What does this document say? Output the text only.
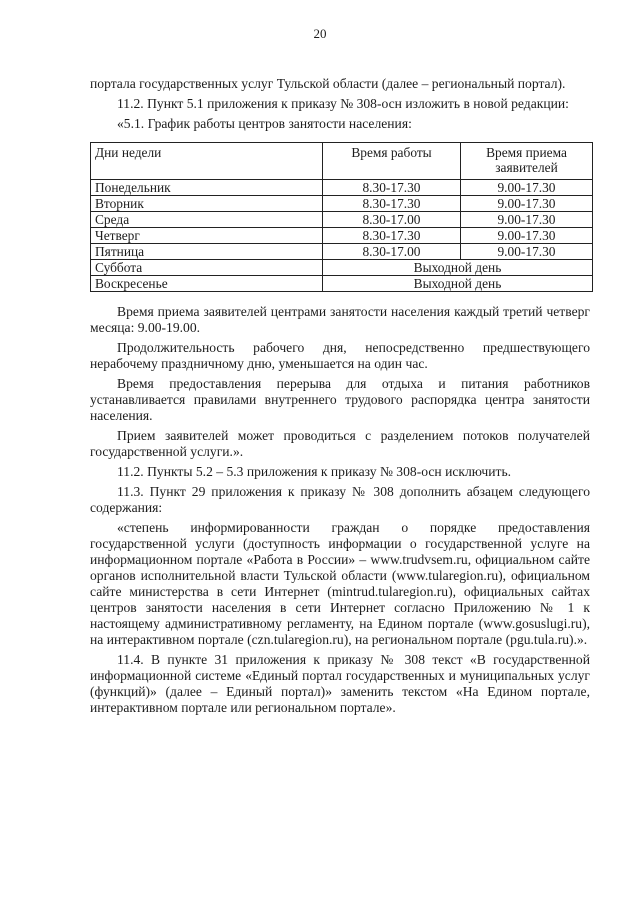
20

портала государственных услуг Тульской области (далее – региональный портал).

11.2. Пункт 5.1 приложения к приказу № 308-осн изложить в новой редакции:

«5.1. График работы центров занятости населения:

Дни недели	Время работы	Время приема заявителей
Понедельник	8.30-17.30	9.00-17.30
Вторник	8.30-17.30	9.00-17.30
Среда	8.30-17.00	9.00-17.30
Четверг	8.30-17.30	9.00-17.30
Пятница	8.30-17.00	9.00-17.30
Суббота	Выходной день	
Воскресенье	Выходной день	

Время приема заявителей центрами занятости населения каждый третий четверг месяца: 9.00-19.00.

Продолжительность рабочего дня, непосредственно предшествующего нерабочему праздничному дню, уменьшается на один час.

Время предоставления перерыва для отдыха и питания работников устанавливается правилами внутреннего трудового распорядка центра занятости населения.

Прием заявителей может проводиться с разделением потоков получателей государственной услуги.».

11.2. Пункты 5.2 – 5.3 приложения к приказу № 308-осн исключить.

11.3. Пункт 29 приложения к приказу № 308 дополнить абзацем следующего содержания:

«степень информированности граждан о порядке предоставления государственной услуги (доступность информации о государственной услуге на информационном портале «Работа в России» – www.trudvsem.ru, официальном сайте органов исполнительной власти Тульской области (www.tularegion.ru), официальном сайте министерства в сети Интернет (mintrud.tularegion.ru), официальных сайтах центров занятости населения в сети Интернет согласно Приложению № 1 к настоящему административному регламенту, на Едином портале (www.gosuslugi.ru), на интерактивном портале (czn.tularegion.ru), на региональном портале (pgu.tula.ru).».

11.4. В пункте 31 приложения к приказу № 308 текст «В государственной информационной системе «Единый портал государственных и муниципальных услуг (функций)» (далее – Единый портал)» заменить текстом «На Едином портале, интерактивном портале или региональном портале».
